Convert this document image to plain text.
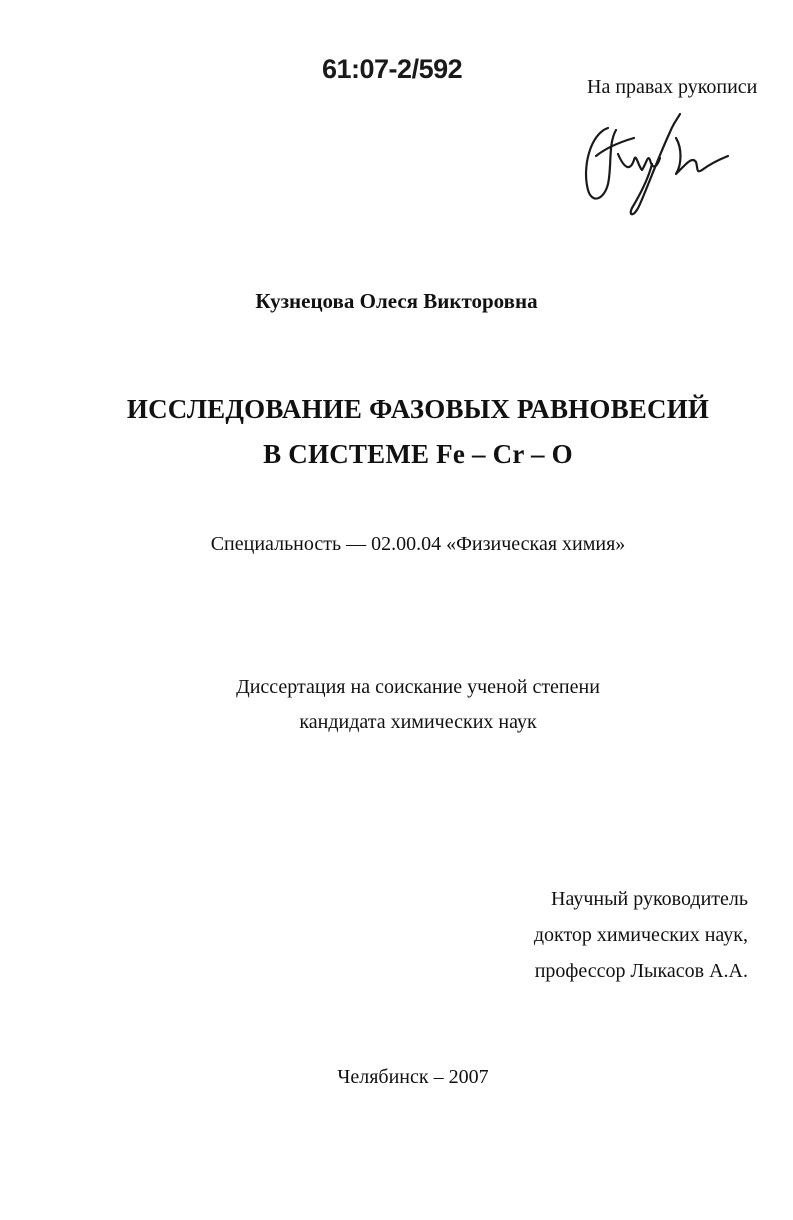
61:07-2/592
На правах рукописи
Кузнецова Олеся Викторовна
ИССЛЕДОВАНИЕ ФАЗОВЫХ РАВНОВЕСИЙ
В СИСТЕМЕ Fe – Cr – O
Специальность — 02.00.04 «Физическая химия»
Диссертация на соискание ученой степени
кандидата химических наук
Научный руководитель
доктор химических наук,
профессор Лыкасов А.А.
Челябинск – 2007
